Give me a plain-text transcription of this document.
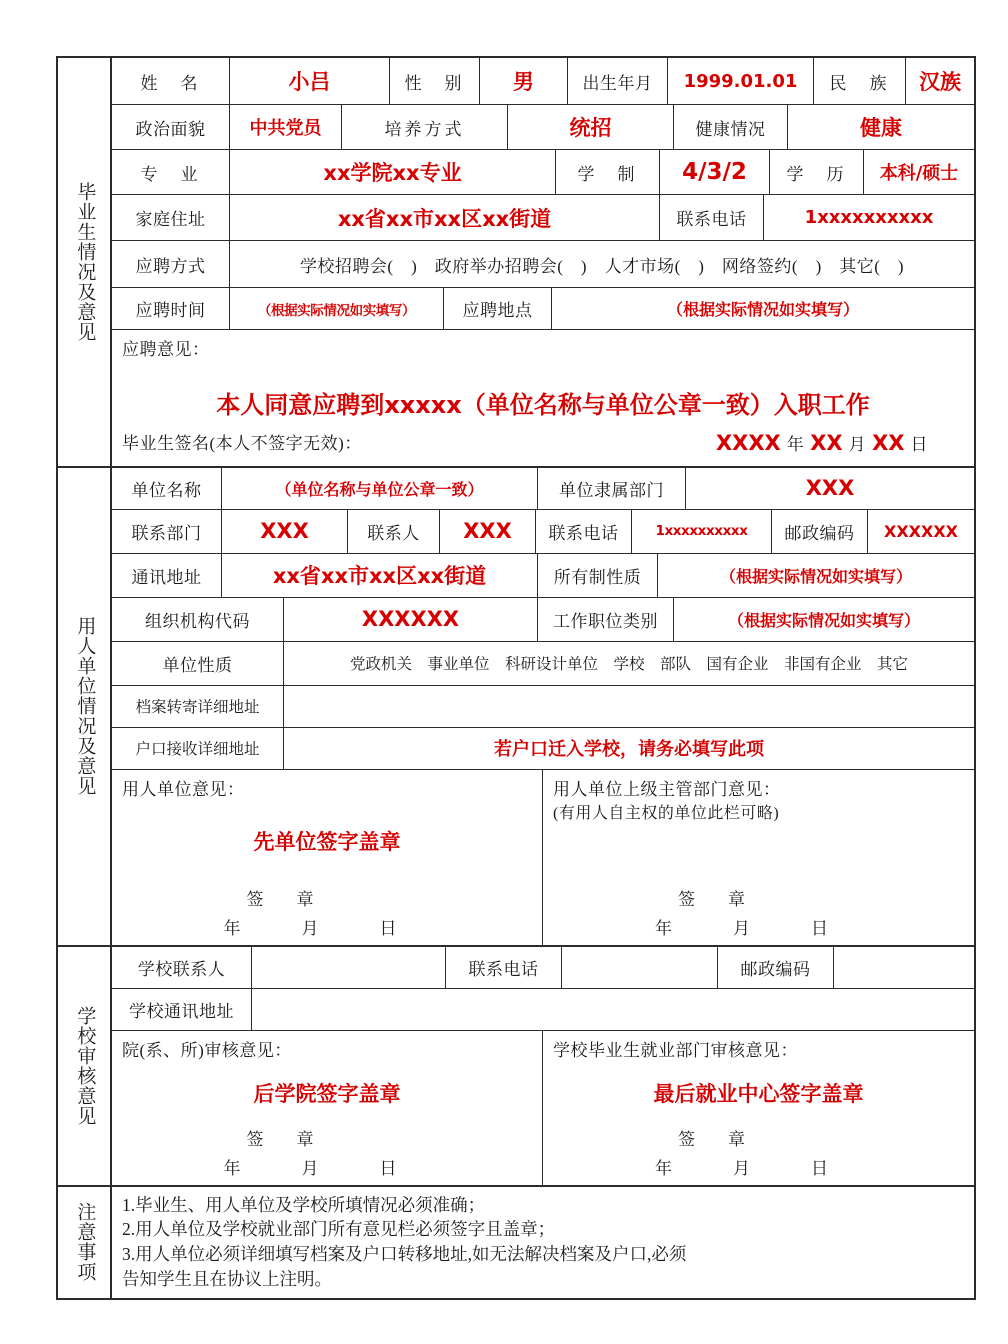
毕业生情况及意见
姓　名	小吕	性　别	男	出生年月	1999.01.01	民　族	汉族
政治面貌	中共党员	培养方式	统招	健康情况	健康
专　业	xx学院xx专业	学　制	4/3/2	学　历	本科/硕士
家庭住址	xx省xx市xx区xx街道	联系电话	1xxxxxxxxxx
应聘方式	学校招聘会(　)　政府举办招聘会(　)　人才市场(　)　网络签约(　)　其它(　)
应聘时间	（根据实际情况如实填写）	应聘地点	（根据实际情况如实填写）
应聘意见：
本人同意应聘到xxxxx（单位名称与单位公章一致）入职工作
毕业生签名(本人不签字无效)：	XXXX 年 XX 月 XX 日
用人单位情况及意见
单位名称	（单位名称与单位公章一致）	单位隶属部门	XXX
联系部门	XXX	联系人	XXX	联系电话	1xxxxxxxxxx	邮政编码	XXXXXX
通讯地址	xx省xx市xx区xx街道	所有制性质	（根据实际情况如实填写）
组织机构代码	XXXXXX	工作职位类别	（根据实际情况如实填写）
单位性质	党政机关　事业单位　科研设计单位　学校　部队　国有企业　非国有企业　其它
档案转寄详细地址
户口接收详细地址	若户口迁入学校，请务必填写此项
用人单位意见：
先单位签字盖章
签　章
年	月	日
用人单位上级主管部门意见：
(有用人自主权的单位此栏可略)
签　章
年	月	日
学校审核意见
学校联系人	联系电话	邮政编码
学校通讯地址
院(系、所)审核意见：
后学院签字盖章
签　章
年	月	日
学校毕业生就业部门审核意见：
最后就业中心签字盖章
签　章
年	月	日
注意事项	1.毕业生、用人单位及学校所填情况必须准确；
2.用人单位及学校就业部门所有意见栏必须签字且盖章；
3.用人单位必须详细填写档案及户口转移地址,如无法解决档案及户口,必须
告知学生且在协议上注明。
